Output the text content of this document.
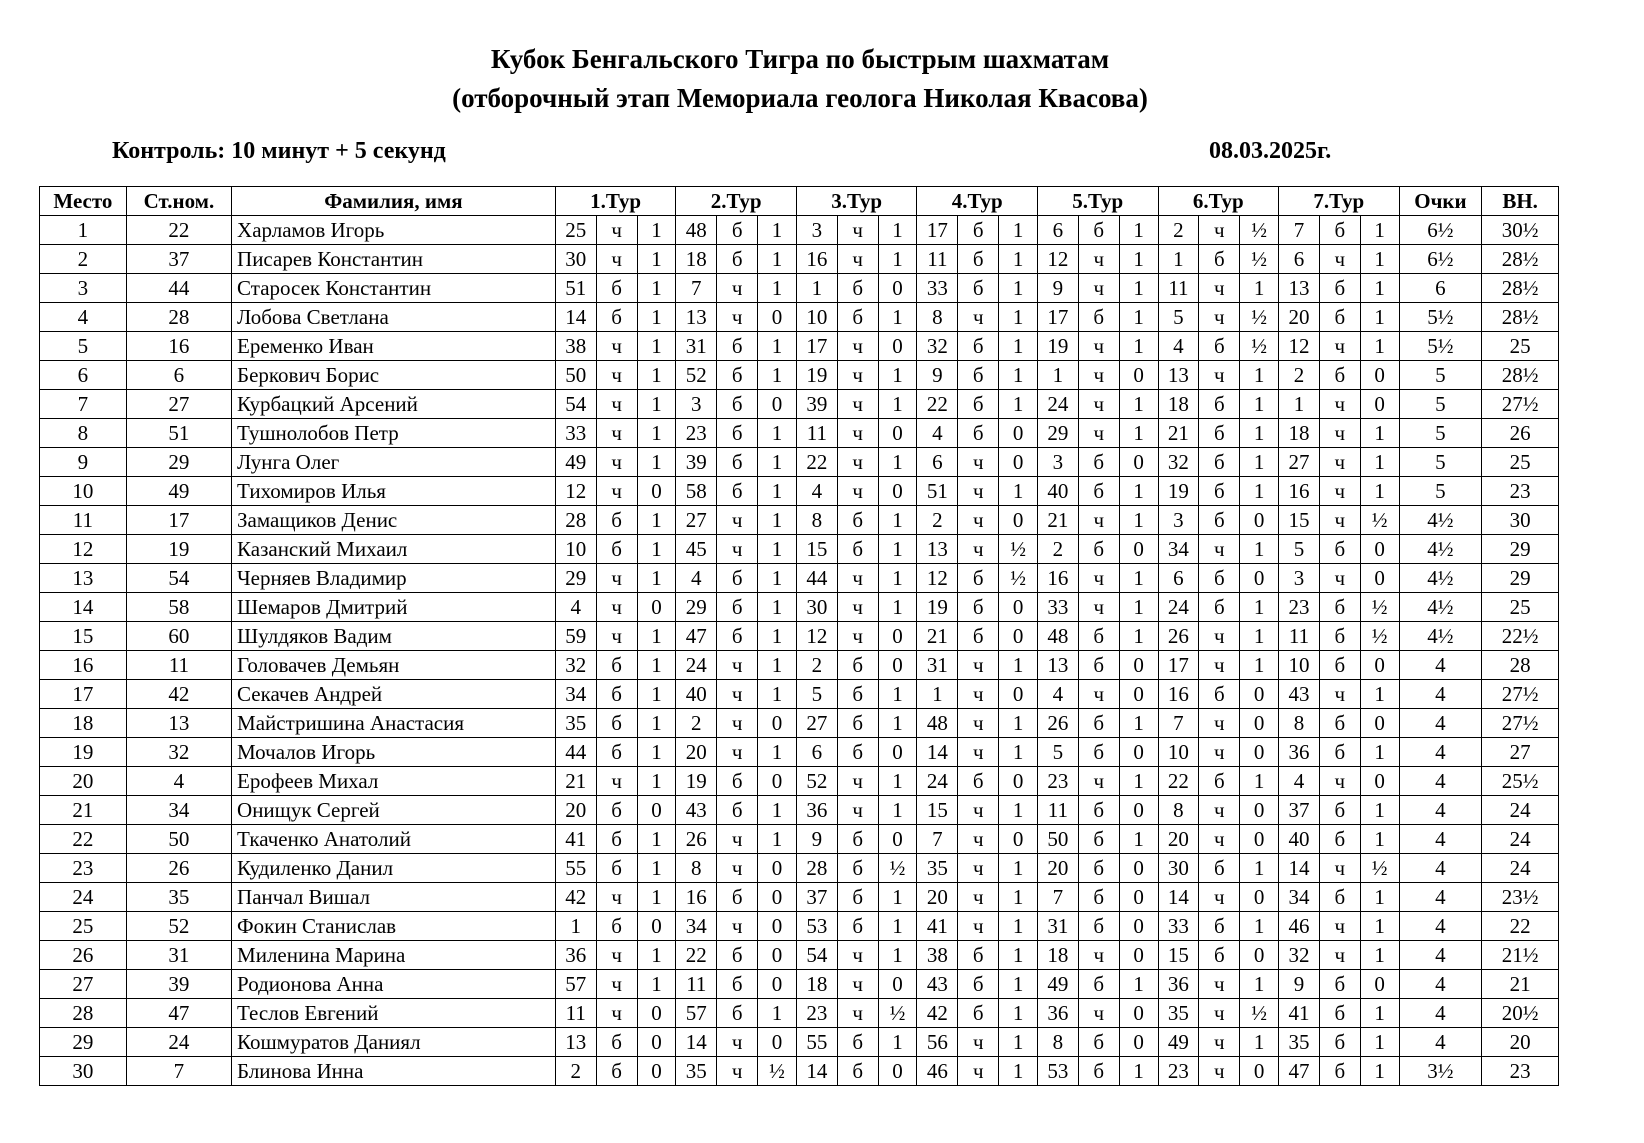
Кубок Бенгальского Тигра по быстрым шахматам
(отборочный этап Мемориала геолога Николая Квасова)
Контроль: 10 минут + 5 секунд	08.03.2025г.
Место	Ст.ном.	Фамилия, имя	1.Тур			2.Тур			3.Тур			4.Тур			5.Тур			6.Тур			7.Тур			Очки	ВН.
1	22	Харламов Игорь	25	ч	1	48	б	1	3	ч	1	17	б	1	6	б	1	2	ч	½	7	б	1	6½	30½
2	37	Писарев Константин	30	ч	1	18	б	1	16	ч	1	11	б	1	12	ч	1	1	б	½	6	ч	1	6½	28½
3	44	Старосек Константин	51	б	1	7	ч	1	1	б	0	33	б	1	9	ч	1	11	ч	1	13	б	1	6	28½
4	28	Лобова Светлана	14	б	1	13	ч	0	10	б	1	8	ч	1	17	б	1	5	ч	½	20	б	1	5½	28½
5	16	Еременко Иван	38	ч	1	31	б	1	17	ч	0	32	б	1	19	ч	1	4	б	½	12	ч	1	5½	25
6	6	Беркович Борис	50	ч	1	52	б	1	19	ч	1	9	б	1	1	ч	0	13	ч	1	2	б	0	5	28½
7	27	Курбацкий Арсений	54	ч	1	3	б	0	39	ч	1	22	б	1	24	ч	1	18	б	1	1	ч	0	5	27½
8	51	Тушнолобов Петр	33	ч	1	23	б	1	11	ч	0	4	б	0	29	ч	1	21	б	1	18	ч	1	5	26
9	29	Лунга Олег	49	ч	1	39	б	1	22	ч	1	6	ч	0	3	б	0	32	б	1	27	ч	1	5	25
10	49	Тихомиров Илья	12	ч	0	58	б	1	4	ч	0	51	ч	1	40	б	1	19	б	1	16	ч	1	5	23
11	17	Замащиков Денис	28	б	1	27	ч	1	8	б	1	2	ч	0	21	ч	1	3	б	0	15	ч	½	4½	30
12	19	Казанский Михаил	10	б	1	45	ч	1	15	б	1	13	ч	½	2	б	0	34	ч	1	5	б	0	4½	29
13	54	Черняев Владимир	29	ч	1	4	б	1	44	ч	1	12	б	½	16	ч	1	6	б	0	3	ч	0	4½	29
14	58	Шемаров Дмитрий	4	ч	0	29	б	1	30	ч	1	19	б	0	33	ч	1	24	б	1	23	б	½	4½	25
15	60	Шулдяков Вадим	59	ч	1	47	б	1	12	ч	0	21	б	0	48	б	1	26	ч	1	11	б	½	4½	22½
16	11	Головачев Демьян	32	б	1	24	ч	1	2	б	0	31	ч	1	13	б	0	17	ч	1	10	б	0	4	28
17	42	Секачев Андрей	34	б	1	40	ч	1	5	б	1	1	ч	0	4	ч	0	16	б	0	43	ч	1	4	27½
18	13	Майстришина Анастасия	35	б	1	2	ч	0	27	б	1	48	ч	1	26	б	1	7	ч	0	8	б	0	4	27½
19	32	Мочалов Игорь	44	б	1	20	ч	1	6	б	0	14	ч	1	5	б	0	10	ч	0	36	б	1	4	27
20	4	Ерофеев Михал	21	ч	1	19	б	0	52	ч	1	24	б	0	23	ч	1	22	б	1	4	ч	0	4	25½
21	34	Онищук Сергей	20	б	0	43	б	1	36	ч	1	15	ч	1	11	б	0	8	ч	0	37	б	1	4	24
22	50	Ткаченко Анатолий	41	б	1	26	ч	1	9	б	0	7	ч	0	50	б	1	20	ч	0	40	б	1	4	24
23	26	Кудиленко Данил	55	б	1	8	ч	0	28	б	½	35	ч	1	20	б	0	30	б	1	14	ч	½	4	24
24	35	Панчал Вишал	42	ч	1	16	б	0	37	б	1	20	ч	1	7	б	0	14	ч	0	34	б	1	4	23½
25	52	Фокин Станислав	1	б	0	34	ч	0	53	б	1	41	ч	1	31	б	0	33	б	1	46	ч	1	4	22
26	31	Миленина Марина	36	ч	1	22	б	0	54	ч	1	38	б	1	18	ч	0	15	б	0	32	ч	1	4	21½
27	39	Родионова Анна	57	ч	1	11	б	0	18	ч	0	43	б	1	49	б	1	36	ч	1	9	б	0	4	21
28	47	Теслов Евгений	11	ч	0	57	б	1	23	ч	½	42	б	1	36	ч	0	35	ч	½	41	б	1	4	20½
29	24	Кошмуратов Даниял	13	б	0	14	ч	0	55	б	1	56	ч	1	8	б	0	49	ч	1	35	б	1	4	20
30	7	Блинова Инна	2	б	0	35	ч	½	14	б	0	46	ч	1	53	б	1	23	ч	0	47	б	1	3½	23
